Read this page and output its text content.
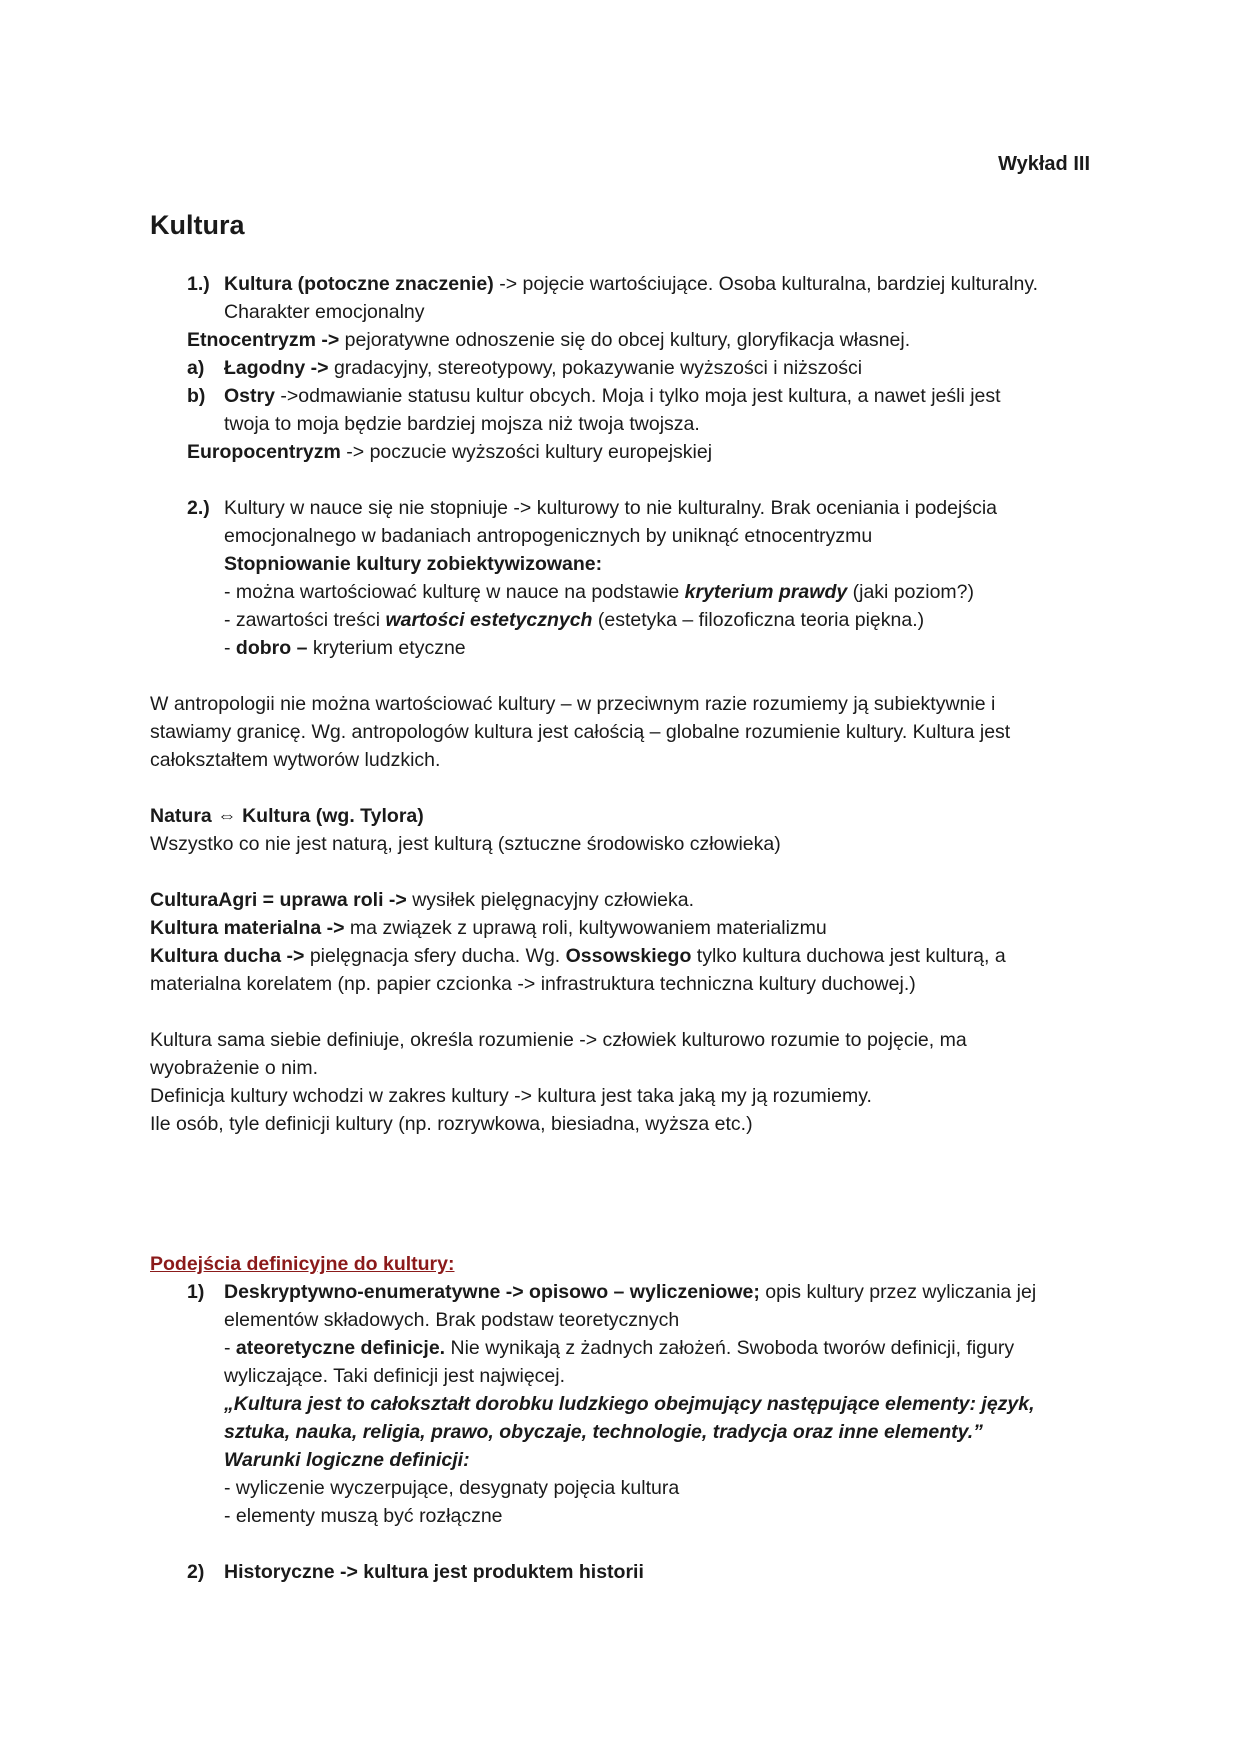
Wykład III
Kultura
1.) Kultura (potoczne znaczenie) -> pojęcie wartościujące. Osoba kulturalna, bardziej kulturalny.
Charakter emocjonalny
Etnocentryzm -> pejoratywne odnoszenie się do obcej kultury, gloryfikacja własnej.
a) Łagodny -> gradacyjny, stereotypowy, pokazywanie wyższości i niższości
b) Ostry ->odmawianie statusu kultur obcych. Moja i tylko moja jest kultura, a nawet jeśli jest
twoja to moja będzie bardziej mojsza niż twoja twojsza.
Europocentryzm -> poczucie wyższości kultury europejskiej
2.) Kultury w nauce się nie stopniuje -> kulturowy to nie kulturalny. Brak oceniania i podejścia
emocjonalnego w badaniach antropogenicznych by uniknąć etnocentryzmu
Stopniowanie kultury zobiektywizowane:
- można wartościować kulturę w nauce na podstawie kryterium prawdy (jaki poziom?)
- zawartości treści wartości estetycznych (estetyka – filozoficzna teoria piękna.)
- dobro – kryterium etyczne
W antropologii nie można wartościować kultury – w przeciwnym razie rozumiemy ją subiektywnie i
stawiamy granicę. Wg. antropologów kultura jest całością – globalne rozumienie kultury. Kultura jest
całokształtem wytworów ludzkich.
Natura ⇔ Kultura (wg. Tylora)
Wszystko co nie jest naturą, jest kulturą (sztuczne środowisko człowieka)
CulturaAgri = uprawa roli -> wysiłek pielęgnacyjny człowieka.
Kultura materialna -> ma związek z uprawą roli, kultywowaniem materializmu
Kultura ducha -> pielęgnacja sfery ducha. Wg. Ossowskiego tylko kultura duchowa jest kulturą, a
materialna korelatem (np. papier czcionka -> infrastruktura techniczna kultury duchowej.)
Kultura sama siebie definiuje, określa rozumienie -> człowiek kulturowo rozumie to pojęcie, ma
wyobrażenie o nim.
Definicja kultury wchodzi w zakres kultury -> kultura jest taka jaką my ją rozumiemy.
Ile osób, tyle definicji kultury (np. rozrywkowa, biesiadna, wyższa etc.)
Podejścia definicyjne do kultury:
1) Deskryptywno-enumeratywne -> opisowo – wyliczeniowe; opis kultury przez wyliczania jej
elementów składowych. Brak podstaw teoretycznych
- ateoretyczne definicje. Nie wynikają z żadnych założeń. Swoboda tworów definicji, figury
wyliczające. Taki definicji jest najwięcej.
„Kultura jest to całokształt dorobku ludzkiego obejmujący następujące elementy: język,
sztuka, nauka, religia, prawo, obyczaje, technologie, tradycja oraz inne elementy.”
Warunki logiczne definicji:
- wyliczenie wyczerpujące, desygnaty pojęcia kultura
- elementy muszą być rozłączne
2) Historyczne -> kultura jest produktem historii
